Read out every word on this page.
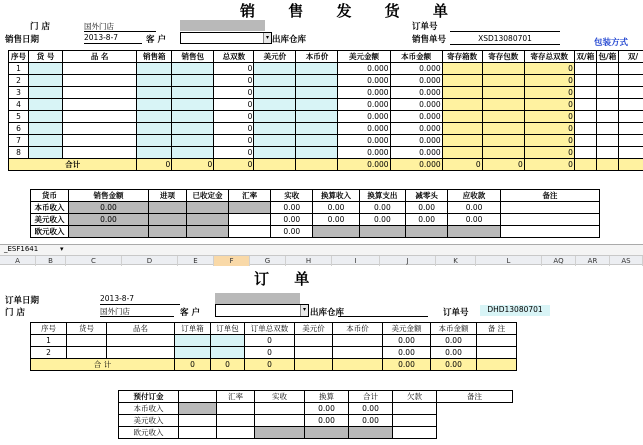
销 售 发 货 单
门 店	国外门店	订单号
销售日期	2013-8-7	客 户	▾ 出库仓库	销售单号	XSD13080701	包装方式
序号	货 号	品 名	销售箱	销售包	总双数	美元价	本币价	美元金额	本币金额	寄存箱数	寄存包数	寄存总双数	双/箱	包/箱	双/
1					0			0.000	0.000			0			
2					0			0.000	0.000			0			
3					0			0.000	0.000			0			
4					0			0.000	0.000			0			
5					0			0.000	0.000			0			
6					0			0.000	0.000			0			
7					0			0.000	0.000			0			
8					0			0.000	0.000			0			
合计			0	0	0			0.000	0.000	0	0	0			
货币	销售金额	进项	已收定金	汇率	实收	换算收入	换算支出	减零头	应收款	备注
本币收入	0.00				0.00	0.00	0.00	0.00	0.00	
美元收入	0.00				0.00	0.00	0.00	0.00	0.00	
欧元收入					0.00					
_ESF1641	▾
A	B	C	D	E	F	G	H	I	J	K	L	AQ	AR	AS
订 单
订单日期	2013-8-7
门 店	国外门店	客 户	▾ 出库仓库	订单号	DHD13080701
序号	货号	品名	订单箱	订单包	订单总双数	美元价	本币价	美元金额	本币金额	备 注
1					0			0.00	0.00	
2					0			0.00	0.00	
合 计			0	0	0			0.00	0.00	
预付订金		汇率	实收	换算	合计	欠款	备注
本币收入				0.00	0.00		
美元收入				0.00	0.00		
欧元收入							
